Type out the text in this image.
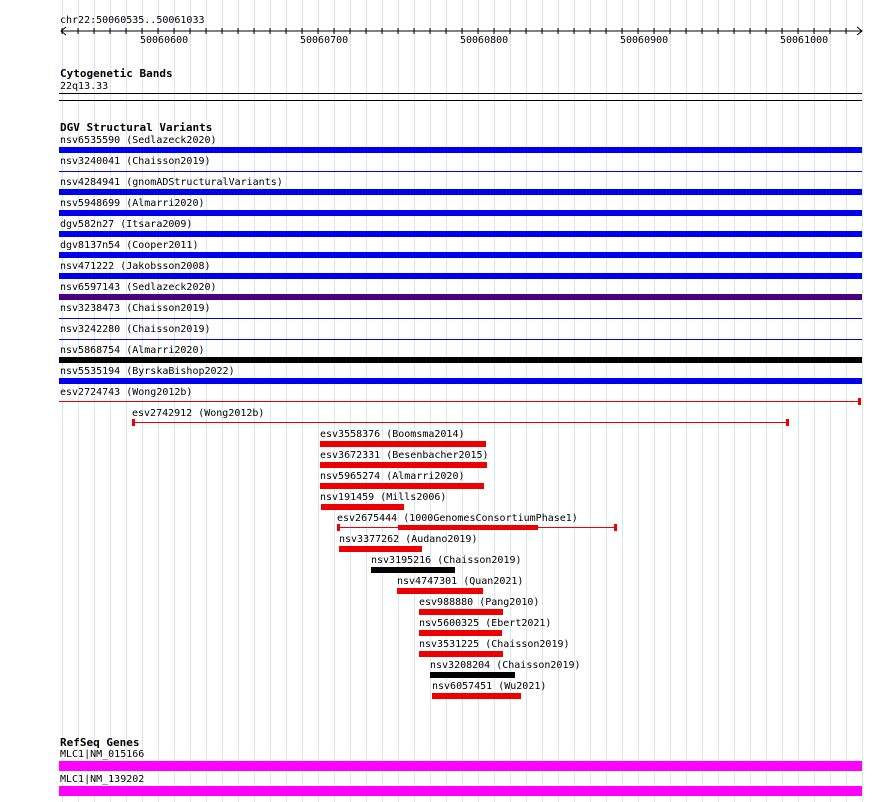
chr22:50060535..50061033
50060600	50060700	50060800	50060900	50061000
Cytogenetic Bands
22q13.33
DGV Structural Variants
nsv6535590 (Sedlazeck2020)
nsv3240041 (Chaisson2019)
nsv4284941 (gnomADStructuralVariants)
nsv5948699 (Almarri2020)
dgv582n27 (Itsara2009)
dgv8137n54 (Cooper2011)
nsv471222 (Jakobsson2008)
nsv6597143 (Sedlazeck2020)
nsv3238473 (Chaisson2019)
nsv3242280 (Chaisson2019)
nsv5868754 (Almarri2020)
nsv5535194 (ByrskaBishop2022)
esv2724743 (Wong2012b)
esv2742912 (Wong2012b)
esv3558376 (Boomsma2014)
esv3672331 (Besenbacher2015)
nsv5965274 (Almarri2020)
nsv191459 (Mills2006)
esv2675444 (1000GenomesConsortiumPhase1)
nsv3377262 (Audano2019)
nsv3195216 (Chaisson2019)
nsv4747301 (Quan2021)
esv988880 (Pang2010)
nsv5600325 (Ebert2021)
nsv3531225 (Chaisson2019)
nsv3208204 (Chaisson2019)
nsv6057451 (Wu2021)
RefSeq Genes
MLC1|NM_015166
MLC1|NM_139202
